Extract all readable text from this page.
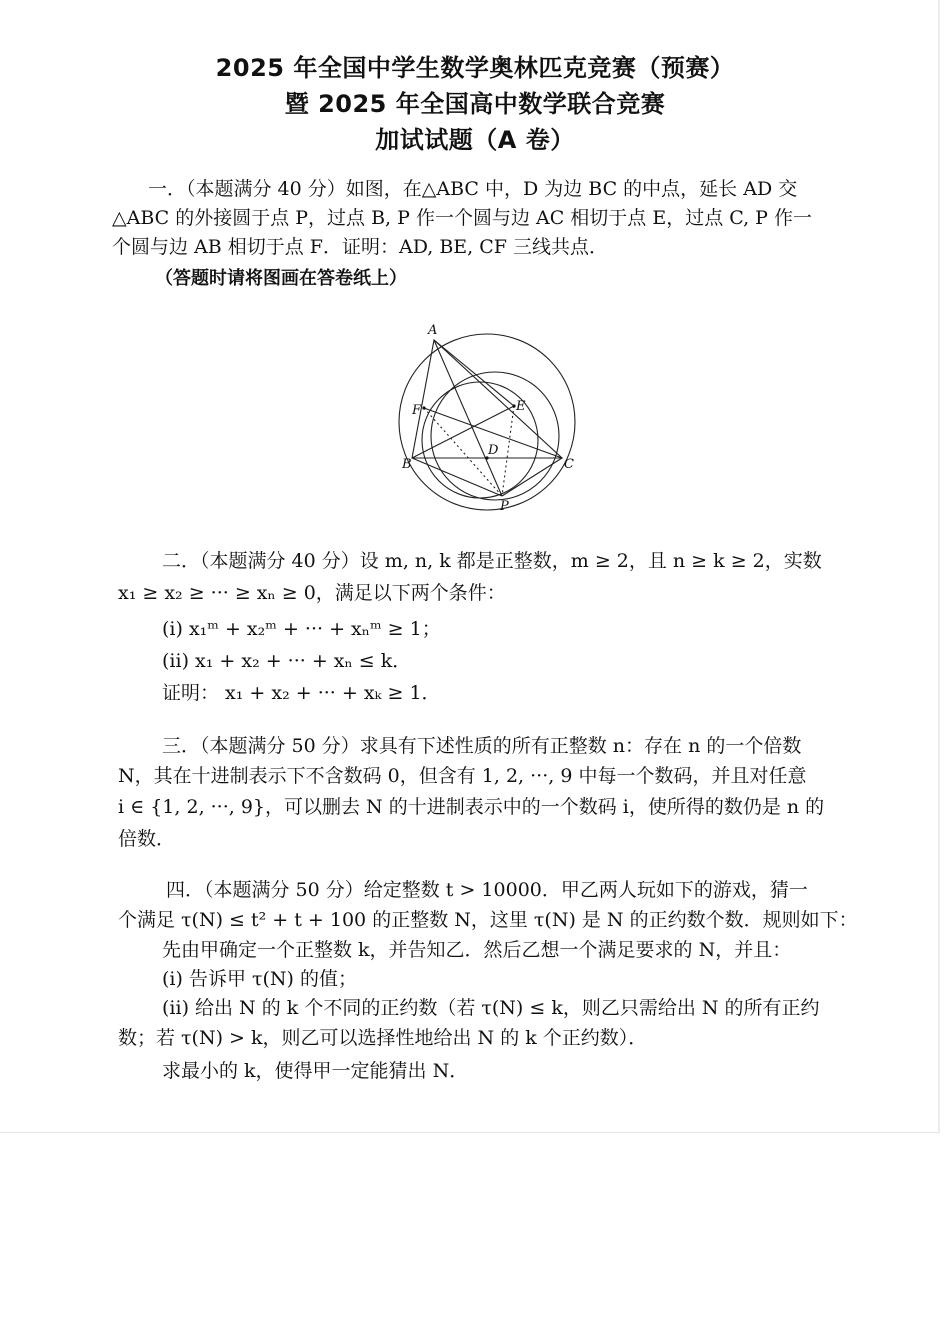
2025 年全国中学生数学奥林匹克竞赛（预赛）
暨 2025 年全国高中数学联合竞赛
加试试题（A 卷）
一．（本题满分 40 分）如图，在△ABC 中，D 为边 BC 的中点，延长 AD 交
△ABC 的外接圆于点 P，过点 B, P 作一个圆与边 AC 相切于点 E，过点 C, P 作一
个圆与边 AB 相切于点 F．证明：AD, BE, CF 三线共点．
（答题时请将图画在答卷纸上）
A
B	C
D
E
F
P
二．（本题满分 40 分）设 m, n, k 都是正整数，m ≥ 2，且 n ≥ k ≥ 2，实数
x₁ ≥ x₂ ≥ ··· ≥ xₙ ≥ 0，满足以下两个条件：
(i) x₁ᵐ + x₂ᵐ + ··· + xₙᵐ ≥ 1；
(ii) x₁ + x₂ + ··· + xₙ ≤ k．
证明： x₁ + x₂ + ··· + xₖ ≥ 1．
三．（本题满分 50 分）求具有下述性质的所有正整数 n：存在 n 的一个倍数
N，其在十进制表示下不含数码 0，但含有 1, 2, ···, 9 中每一个数码，并且对任意
i ∈ {1, 2, ···, 9}，可以删去 N 的十进制表示中的一个数码 i，使所得的数仍是 n 的
倍数．
四．（本题满分 50 分）给定整数 t > 10000．甲乙两人玩如下的游戏，猜一
个满足 τ(N) ≤ t² + t + 100 的正整数 N，这里 τ(N) 是 N 的正约数个数．规则如下：
先由甲确定一个正整数 k，并告知乙．然后乙想一个满足要求的 N，并且：
(i) 告诉甲 τ(N) 的值；
(ii) 给出 N 的 k 个不同的正约数（若 τ(N) ≤ k，则乙只需给出 N 的所有正约
数；若 τ(N) > k，则乙可以选择性地给出 N 的 k 个正约数）．
求最小的 k，使得甲一定能猜出 N．
